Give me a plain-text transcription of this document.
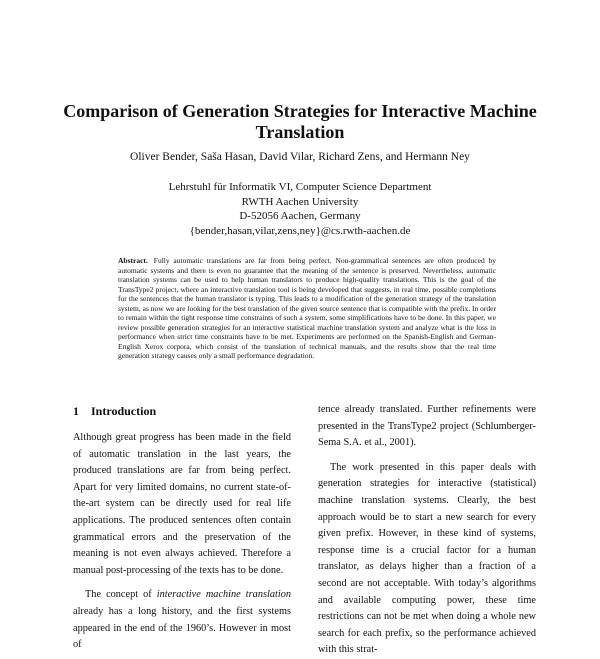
Comparison of Generation Strategies for Interactive Machine Translation
Oliver Bender, Saša Hasan, David Vilar, Richard Zens, and Hermann Ney
Lehrstuhl für Informatik VI, Computer Science Department
RWTH Aachen University
D-52056 Aachen, Germany
{bender,hasan,vilar,zens,ney}@cs.rwth-aachen.de
Abstract. Fully automatic translations are far from being perfect. Non-grammatical sentences are often produced by automatic systems and there is even no guarantee that the meaning of the sentence is preserved. Nevertheless, automatic translation systems can be used to help human translators to produce high-quality translations. This is the goal of the TransType2 project, where an interactive translation tool is being developed that suggests, in real time, possible completions for the sentences that the human translator is typing. This leads to a modification of the generation strategy of the translation system, as now we are looking for the best translation of the given source sentence that is compatible with the prefix. In order to remain within the tight response time constraints of such a system, some simplifications have to be done. In this paper, we review possible generation strategies for an interactive statistical machine translation system and analyze what is the loss in performance when strict time constraints have to be met. Experiments are performed on the Spanish-English and German-English Xerox corpora, which consist of the translation of technical manuals, and the results show that the real time generation strategy causes only a small performance degradation.
1 Introduction

Although great progress has been made in the field of automatic translation in the last years, the produced translations are far from being perfect. Apart for very limited domains, no current state-of-the-art system can be directly used for real life applications. The produced sentences often contain grammatical errors and the preservation of the meaning is not even always achieved. Therefore a manual post-processing of the texts has to be done.

The concept of interactive machine translation already has a long history, and the first systems appeared in the end of the 1960’s. However in most of

tence already translated. Further refinements were presented in the TransType2 project (Schlumberger-Sema S.A. et al., 2001).

The work presented in this paper deals with generation strategies for interactive (statistical) machine translation systems. Clearly, the best approach would be to start a new search for every given prefix. However, in these kind of systems, response time is a crucial factor for a human translator, as delays higher than a fraction of a second are not acceptable. With today’s algorithms and available computing power, these time restrictions can not be met when doing a whole new search for each prefix, so the performance achieved with this strat-
